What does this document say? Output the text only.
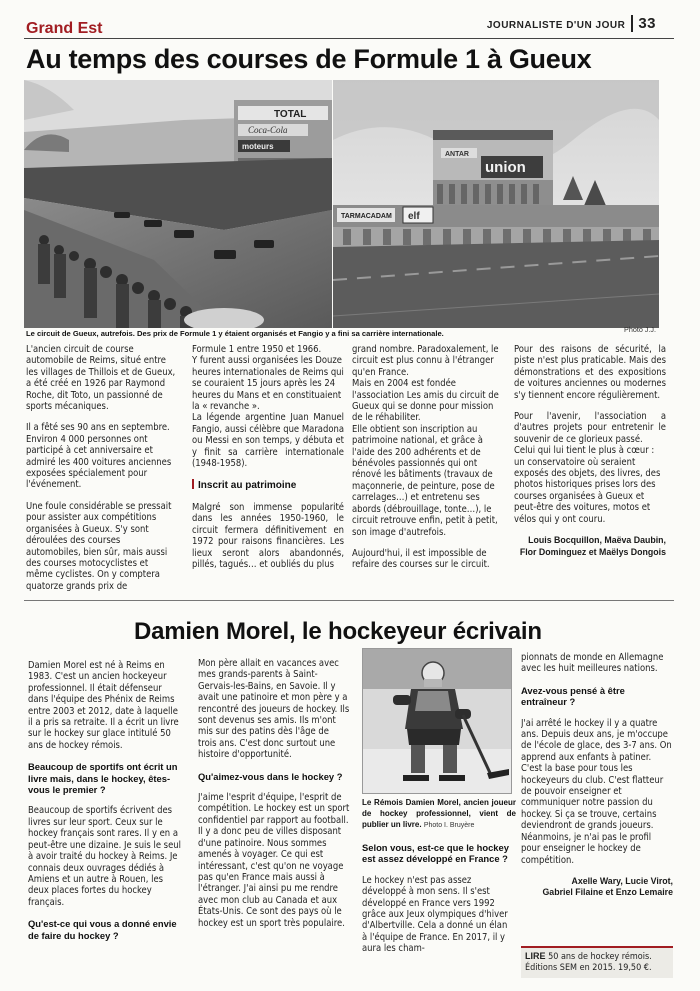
Grand Est	JOURNALISTE D'UN JOUR 33
Au temps des courses de Formule 1 à Gueux
TOTAL
Coca-Cola
moteurs
ANTAR
union
TARMACADAM elf
Le circuit de Gueux, autrefois. Des prix de Formule 1 y étaient organisés et Fangio y a fini sa carrière internationale.	Photo J.J.

L'ancien circuit de course automobile de Reims, situé entre les villages de Thillois et de Gueux, a été créé en 1926 par Raymond Roche, dit Toto, un passionné de sports mécaniques.

Il a fêté ses 90 ans en septembre. Environ 4 000 personnes ont participé à cet anniversaire et admiré les 400 voitures anciennes exposées spécialement pour l'événement.

Une foule considérable se pressait pour assister aux compétitions organisées à Gueux. S'y sont déroulées des courses automobiles, bien sûr, mais aussi des courses motocyclistes et même cyclistes. On y comptera quatorze grands prix de

Formule 1 entre 1950 et 1966.

Y furent aussi organisées les Douze heures internationales de Reims qui se couraient 15 jours après les 24 heures du Mans et en constituaient la « revanche ».

La légende argentine Juan Manuel Fangio, aussi célèbre que Maradona ou Messi en son temps, y débuta et y finit sa carrière internationale (1948-1958).

Inscrit au patrimoine

Malgré son immense popularité dans les années 1950-1960, le circuit fermera définitivement en 1972 pour raisons financières. Les lieux seront alors abandonnés, pillés, tagués… et oubliés du plus

grand nombre. Paradoxalement, le circuit est plus connu à l'étranger qu'en France.

Mais en 2004 est fondée l'association Les amis du circuit de Gueux qui se donne pour mission de le réhabiliter.

Elle obtient son inscription au patrimoine national, et grâce à l'aide des 200 adhérents et de bénévoles passionnés qui ont rénové les bâtiments (travaux de maçonnerie, de peinture, pose de carrelages…) et entretenu ses abords (débrouillage, tonte…), le circuit retrouve enfin, petit à petit, son image d'autrefois.

Aujourd'hui, il est impossible de refaire des courses sur le circuit.

Pour des raisons de sécurité, la piste n'est plus praticable. Mais des démonstrations et des expositions de voitures anciennes ou modernes s'y tiennent encore régulièrement.

Pour l'avenir, l'association a d'autres projets pour entretenir le souvenir de ce glorieux passé.

Celui qui lui tient le plus à cœur : un conservatoire où seraient exposés des objets, des livres, des photos historiques prises lors des courses organisées à Gueux et peut-être des voitures, motos et vélos qui y ont couru.

Louis Bocquillon, Maëva Daubin,
Flor Dominguez et Maëlys Dongois
Damien Morel, le hockeyeur écrivain

Damien Morel est né à Reims en 1983. C'est un ancien hockeyeur professionnel. Il était défenseur dans l'équipe des Phénix de Reims entre 2003 et 2012, date à laquelle il a pris sa retraite. Il a écrit un livre sur le hockey sur glace intitulé 50 ans de hockey rémois.

Beaucoup de sportifs ont écrit un livre mais, dans le hockey, êtes-vous le premier ?

Beaucoup de sportifs écrivent des livres sur leur sport. Ceux sur le hockey français sont rares. Il y en a peut-être une dizaine. Je suis le seul à avoir traité du hockey à Reims. Je connais deux ouvrages dédiés à Amiens et un autre à Rouen, les deux places fortes du hockey français.

Qu'est-ce qui vous a donné envie de faire du hockey ?

Mon père allait en vacances avec mes grands-parents à Saint-Gervais-les-Bains, en Savoie. Il y avait une patinoire et mon père y a rencontré des joueurs de hockey. Ils sont devenus ses amis. Ils m'ont mis sur des patins dès l'âge de trois ans. C'est donc surtout une histoire d'opportunité.

Qu'aimez-vous dans le hockey ?

J'aime l'esprit d'équipe, l'esprit de compétition. Le hockey est un sport confidentiel par rapport au football. Il y a donc peu de villes disposant d'une patinoire. Nous sommes amenés à voyager. Ce qui est intéressant, c'est qu'on ne voyage pas qu'en France mais aussi à l'étranger. J'ai ainsi pu me rendre avec mon club au Canada et aux États-Unis. Ce sont des pays où le hockey est un sport très populaire.

Le Rémois Damien Morel, ancien joueur de hockey professionnel, vient de publier un livre. Photo I. Bruyère
Selon vous, est-ce que le hockey est assez développé en France ?

Le hockey n'est pas assez développé à mon sens. Il s'est développé en France vers 1992 grâce aux Jeux olympiques d'hiver d'Albertville. Cela a donné un élan à l'équipe de France. En 2017, il y aura les cham-

pionnats de monde en Allemagne avec les huit meilleures nations.

Avez-vous pensé à être entraîneur ?

J'ai arrêté le hockey il y a quatre ans. Depuis deux ans, je m'occupe de l'école de glace, des 3-7 ans. On apprend aux enfants à patiner. C'est la base pour tous les hockeyeurs du club. C'est flatteur de pouvoir enseigner et communiquer notre passion du hockey. Si ça se trouve, certains deviendront de grands joueurs. Néanmoins, je n'ai pas le profil pour enseigner le hockey de compétition.

Axelle Wary, Lucie Virot,
Gabriel Filaine et Enzo Lemaire
LIRE 50 ans de hockey rémois. Éditions SEM en 2015. 19,50 €.
